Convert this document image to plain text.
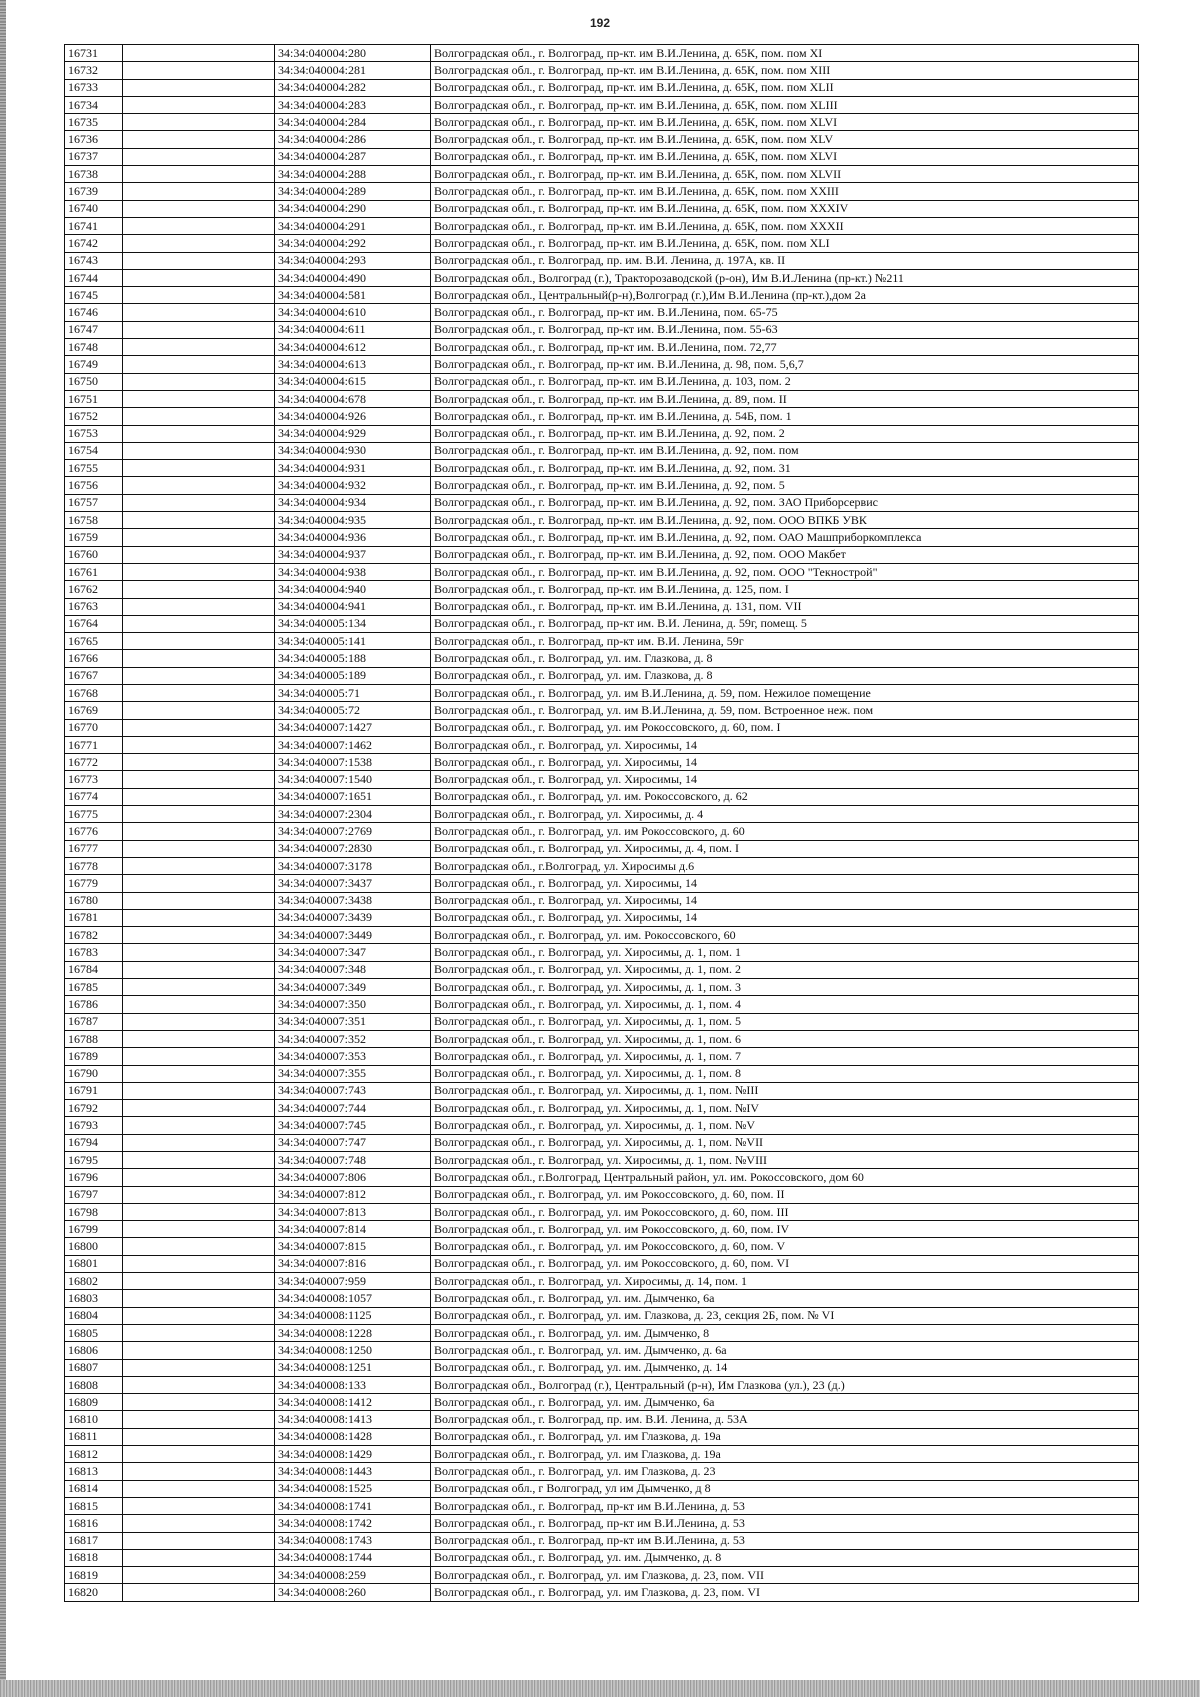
192
16731		34:34:040004:280	Волгоградская обл., г. Волгоград, пр-кт. им В.И.Ленина, д. 65К, пом. пом XI
16732		34:34:040004:281	Волгоградская обл., г. Волгоград, пр-кт. им В.И.Ленина, д. 65К, пом. пом XIII
16733		34:34:040004:282	Волгоградская обл., г. Волгоград, пр-кт. им В.И.Ленина, д. 65К, пом. пом XLII
16734		34:34:040004:283	Волгоградская обл., г. Волгоград, пр-кт. им В.И.Ленина, д. 65К, пом. пом XLIII
16735		34:34:040004:284	Волгоградская обл., г. Волгоград, пр-кт. им В.И.Ленина, д. 65К, пом. пом XLVI
16736		34:34:040004:286	Волгоградская обл., г. Волгоград, пр-кт. им В.И.Ленина, д. 65К, пом. пом XLV
16737		34:34:040004:287	Волгоградская обл., г. Волгоград, пр-кт. им В.И.Ленина, д. 65К, пом. пом XLVI
16738		34:34:040004:288	Волгоградская обл., г. Волгоград, пр-кт. им В.И.Ленина, д. 65К, пом. пом XLVII
16739		34:34:040004:289	Волгоградская обл., г. Волгоград, пр-кт. им В.И.Ленина, д. 65К, пом. пом XXIII
16740		34:34:040004:290	Волгоградская обл., г. Волгоград, пр-кт. им В.И.Ленина, д. 65К, пом. пом XXXIV
16741		34:34:040004:291	Волгоградская обл., г. Волгоград, пр-кт. им В.И.Ленина, д. 65К, пом. пом XXXII
16742		34:34:040004:292	Волгоградская обл., г. Волгоград, пр-кт. им В.И.Ленина, д. 65К, пом. пом XLI
16743		34:34:040004:293	Волгоградская обл., г. Волгоград, пр. им. В.И. Ленина, д. 197А, кв. II
16744		34:34:040004:490	Волгоградская обл., Волгоград (г.), Тракторозаводской (р-он), Им В.И.Ленина (пр-кт.) №211
16745		34:34:040004:581	Волгоградская обл., Центральный(р-н),Волгоград (г.),Им В.И.Ленина (пр-кт.),дом 2а
16746		34:34:040004:610	Волгоградская обл., г. Волгоград, пр-кт им. В.И.Ленина, пом. 65-75
16747		34:34:040004:611	Волгоградская обл., г. Волгоград, пр-кт им. В.И.Ленина, пом. 55-63
16748		34:34:040004:612	Волгоградская обл., г. Волгоград, пр-кт им. В.И.Ленина, пом. 72,77
16749		34:34:040004:613	Волгоградская обл., г. Волгоград, пр-кт им. В.И.Ленина, д. 98, пом. 5,6,7
16750		34:34:040004:615	Волгоградская обл., г. Волгоград, пр-кт. им В.И.Ленина, д. 103, пом. 2
16751		34:34:040004:678	Волгоградская обл., г. Волгоград, пр-кт. им В.И.Ленина, д. 89, пом. II
16752		34:34:040004:926	Волгоградская обл., г. Волгоград, пр-кт. им В.И.Ленина, д. 54Б, пом. 1
16753		34:34:040004:929	Волгоградская обл., г. Волгоград, пр-кт. им В.И.Ленина, д. 92, пом. 2
16754		34:34:040004:930	Волгоградская обл., г. Волгоград, пр-кт. им В.И.Ленина, д. 92, пом. пом
16755		34:34:040004:931	Волгоградская обл., г. Волгоград, пр-кт. им В.И.Ленина, д. 92, пом. 31
16756		34:34:040004:932	Волгоградская обл., г. Волгоград, пр-кт. им В.И.Ленина, д. 92, пом. 5
16757		34:34:040004:934	Волгоградская обл., г. Волгоград, пр-кт. им В.И.Ленина, д. 92, пом. ЗАО Приборсервис
16758		34:34:040004:935	Волгоградская обл., г. Волгоград, пр-кт. им В.И.Ленина, д. 92, пом. ООО ВПКБ УВК
16759		34:34:040004:936	Волгоградская обл., г. Волгоград, пр-кт. им В.И.Ленина, д. 92, пом. ОАО Машприборкомплекса
16760		34:34:040004:937	Волгоградская обл., г. Волгоград, пр-кт. им В.И.Ленина, д. 92, пом. ООО Макбет
16761		34:34:040004:938	Волгоградская обл., г. Волгоград, пр-кт. им В.И.Ленина, д. 92, пом. ООО "Текнострой"
16762		34:34:040004:940	Волгоградская обл., г. Волгоград, пр-кт. им В.И.Ленина, д. 125, пом. I
16763		34:34:040004:941	Волгоградская обл., г. Волгоград, пр-кт. им В.И.Ленина, д. 131, пом. VII
16764		34:34:040005:134	Волгоградская обл., г. Волгоград, пр-кт им. В.И. Ленина, д. 59г, помещ. 5
16765		34:34:040005:141	Волгоградская обл., г. Волгоград, пр-кт им. В.И. Ленина, 59г
16766		34:34:040005:188	Волгоградская обл., г. Волгоград, ул. им. Глазкова, д. 8
16767		34:34:040005:189	Волгоградская обл., г. Волгоград, ул. им. Глазкова, д. 8
16768		34:34:040005:71	Волгоградская обл., г. Волгоград, ул. им В.И.Ленина, д. 59, пом. Нежилое помещение
16769		34:34:040005:72	Волгоградская обл., г. Волгоград, ул. им В.И.Ленина, д. 59, пом. Встроенное неж. пом
16770		34:34:040007:1427	Волгоградская обл., г. Волгоград, ул. им Рокоссовского, д. 60, пом. I
16771		34:34:040007:1462	Волгоградская обл., г. Волгоград, ул. Хиросимы, 14
16772		34:34:040007:1538	Волгоградская обл., г. Волгоград, ул. Хиросимы, 14
16773		34:34:040007:1540	Волгоградская обл., г. Волгоград, ул. Хиросимы, 14
16774		34:34:040007:1651	Волгоградская обл., г. Волгоград, ул. им. Рокоссовского, д. 62
16775		34:34:040007:2304	Волгоградская обл., г. Волгоград, ул. Хиросимы, д. 4
16776		34:34:040007:2769	Волгоградская обл., г. Волгоград, ул. им Рокоссовского, д. 60
16777		34:34:040007:2830	Волгоградская обл., г. Волгоград, ул. Хиросимы, д. 4, пом. I
16778		34:34:040007:3178	Волгоградская обл., г.Волгоград, ул. Хиросимы д.6
16779		34:34:040007:3437	Волгоградская обл., г. Волгоград, ул. Хиросимы, 14
16780		34:34:040007:3438	Волгоградская обл., г. Волгоград, ул. Хиросимы, 14
16781		34:34:040007:3439	Волгоградская обл., г. Волгоград, ул. Хиросимы, 14
16782		34:34:040007:3449	Волгоградская обл., г. Волгоград, ул. им. Рокоссовского, 60
16783		34:34:040007:347	Волгоградская обл., г. Волгоград, ул. Хиросимы, д. 1, пом. 1
16784		34:34:040007:348	Волгоградская обл., г. Волгоград, ул. Хиросимы, д. 1, пом. 2
16785		34:34:040007:349	Волгоградская обл., г. Волгоград, ул. Хиросимы, д. 1, пом. 3
16786		34:34:040007:350	Волгоградская обл., г. Волгоград, ул. Хиросимы, д. 1, пом. 4
16787		34:34:040007:351	Волгоградская обл., г. Волгоград, ул. Хиросимы, д. 1, пом. 5
16788		34:34:040007:352	Волгоградская обл., г. Волгоград, ул. Хиросимы, д. 1, пом. 6
16789		34:34:040007:353	Волгоградская обл., г. Волгоград, ул. Хиросимы, д. 1, пом. 7
16790		34:34:040007:355	Волгоградская обл., г. Волгоград, ул. Хиросимы, д. 1, пом. 8
16791		34:34:040007:743	Волгоградская обл., г. Волгоград, ул. Хиросимы, д. 1, пом. №III
16792		34:34:040007:744	Волгоградская обл., г. Волгоград, ул. Хиросимы, д. 1, пом. №IV
16793		34:34:040007:745	Волгоградская обл., г. Волгоград, ул. Хиросимы, д. 1, пом. №V
16794		34:34:040007:747	Волгоградская обл., г. Волгоград, ул. Хиросимы, д. 1, пом. №VII
16795		34:34:040007:748	Волгоградская обл., г. Волгоград, ул. Хиросимы, д. 1, пом. №VIII
16796		34:34:040007:806	Волгоградская обл., г.Волгоград, Центральный район, ул. им. Рокоссовского, дом 60
16797		34:34:040007:812	Волгоградская обл., г. Волгоград, ул. им Рокоссовского, д. 60, пом. II
16798		34:34:040007:813	Волгоградская обл., г. Волгоград, ул. им Рокоссовского, д. 60, пом. III
16799		34:34:040007:814	Волгоградская обл., г. Волгоград, ул. им Рокоссовского, д. 60, пом. IV
16800		34:34:040007:815	Волгоградская обл., г. Волгоград, ул. им Рокоссовского, д. 60, пом. V
16801		34:34:040007:816	Волгоградская обл., г. Волгоград, ул. им Рокоссовского, д. 60, пом. VI
16802		34:34:040007:959	Волгоградская обл., г. Волгоград, ул. Хиросимы, д. 14, пом. 1
16803		34:34:040008:1057	Волгоградская обл., г. Волгоград, ул. им. Дымченко, 6а
16804		34:34:040008:1125	Волгоградская обл., г. Волгоград, ул. им. Глазкова, д. 23, секция 2Б, пом. № VI
16805		34:34:040008:1228	Волгоградская обл., г. Волгоград, ул. им. Дымченко, 8
16806		34:34:040008:1250	Волгоградская обл., г. Волгоград, ул. им. Дымченко, д. 6а
16807		34:34:040008:1251	Волгоградская обл., г. Волгоград, ул. им. Дымченко, д. 14
16808		34:34:040008:133	Волгоградская обл., Волгоград (г.), Центральный (р-н), Им Глазкова (ул.), 23 (д.)
16809		34:34:040008:1412	Волгоградская обл., г. Волгоград, ул. им. Дымченко, 6а
16810		34:34:040008:1413	Волгоградская обл., г. Волгоград, пр. им. В.И. Ленина, д. 53А
16811		34:34:040008:1428	Волгоградская обл., г. Волгоград, ул. им Глазкова, д. 19а
16812		34:34:040008:1429	Волгоградская обл., г. Волгоград, ул. им Глазкова, д. 19а
16813		34:34:040008:1443	Волгоградская обл., г. Волгоград, ул. им Глазкова, д. 23
16814		34:34:040008:1525	Волгоградская обл., г Волгоград, ул им Дымченко, д 8
16815		34:34:040008:1741	Волгоградская обл., г. Волгоград, пр-кт им В.И.Ленина, д. 53
16816		34:34:040008:1742	Волгоградская обл., г. Волгоград, пр-кт им В.И.Ленина, д. 53
16817		34:34:040008:1743	Волгоградская обл., г. Волгоград, пр-кт им В.И.Ленина, д. 53
16818		34:34:040008:1744	Волгоградская обл., г. Волгоград, ул. им. Дымченко, д. 8
16819		34:34:040008:259	Волгоградская обл., г. Волгоград, ул. им Глазкова, д. 23, пом. VII
16820		34:34:040008:260	Волгоградская обл., г. Волгоград, ул. им Глазкова, д. 23, пом. VI
